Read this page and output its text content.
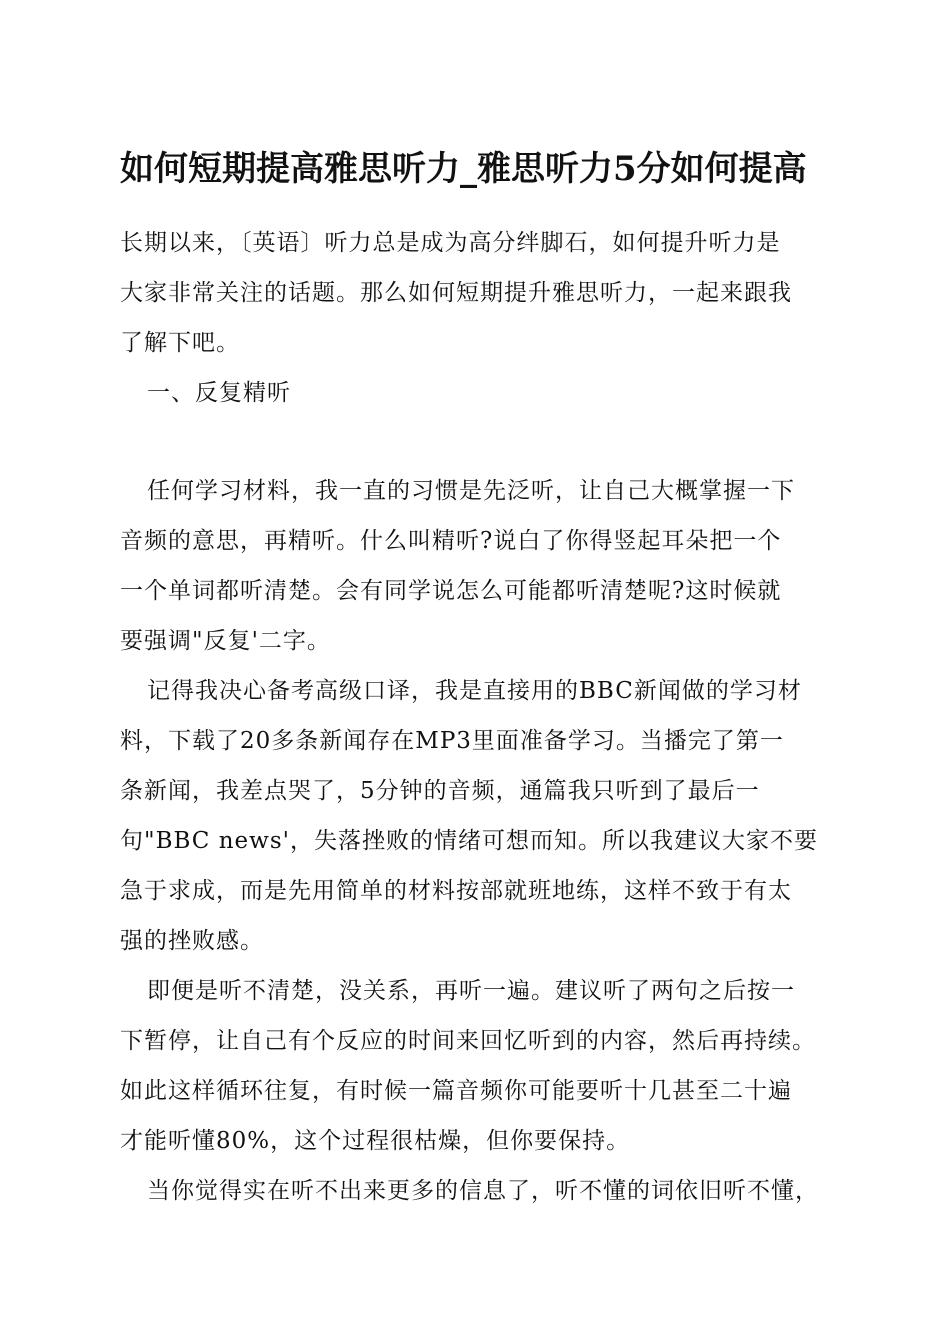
如何短期提高雅思听力_雅思听力5分如何提高
长期以来，〔英语〕听力总是成为高分绊脚石，如何提升听力是
大家非常关注的话题。那么如何短期提升雅思听力，一起来跟我
了解下吧。
一、反复精听
任何学习材料，我一直的习惯是先泛听，让自己大概掌握一下
音频的意思，再精听。什么叫精听?说白了你得竖起耳朵把一个
一个单词都听清楚。会有同学说怎么可能都听清楚呢?这时候就
要强调"反复'二字。
记得我决心备考高级口译，我是直接用的BBC新闻做的学习材
料，下载了20多条新闻存在MP3里面准备学习。当播完了第一
条新闻，我差点哭了，5分钟的音频，通篇我只听到了最后一
句"BBC news'，失落挫败的情绪可想而知。所以我建议大家不要
急于求成，而是先用简单的材料按部就班地练，这样不致于有太
强的挫败感。
即便是听不清楚，没关系，再听一遍。建议听了两句之后按一
下暂停，让自己有个反应的时间来回忆听到的内容，然后再持续。
如此这样循环往复，有时候一篇音频你可能要听十几甚至二十遍
才能听懂80%，这个过程很枯燥，但你要保持。
当你觉得实在听不出来更多的信息了，听不懂的词依旧听不懂，
